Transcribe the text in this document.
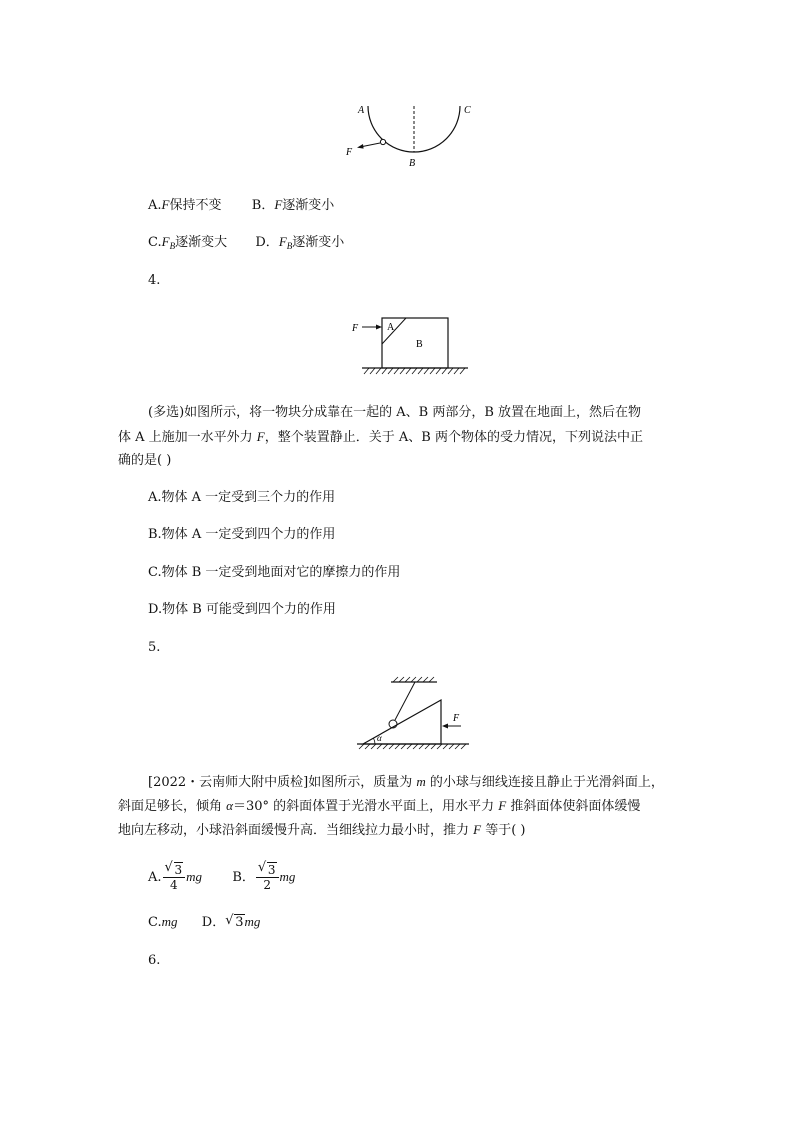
A	C
B
F
A.F保持不变 B．F逐渐变小
$C.F_B$逐渐变大 D．$F_B$逐渐变小
4.
F	A
B
(多选)如图所示，将一物块分成靠在一起的 A、B 两部分，B 放置在地面上，然后在物
体 A 上施加一水平外力 F，整个装置静止．关于 A、B 两个物体的受力情况，下列说法中正
确的是( )
A.物体 A 一定受到三个力的作用
B.物体 A 一定受到四个力的作用
C.物体 B 一定受到地面对它的摩擦力的作用
D.物体 B 可能受到四个力的作用
5.
F
α
[2022・云南师大附中质检]如图所示，质量为 m 的小球与细线连接且静止于光滑斜面上，
斜面足够长，倾角 α＝30° 的斜面体置于光滑水平面上，用水平力 F 推斜面体使斜面体缓慢
地向左移动，小球沿斜面缓慢升高．当细线拉力最小时，推力 F 等于( )
A. $\frac{√ 3}{4}$ mg B． $\frac{√ 3}{2}$ mg
C.mg D． √ 3mg
6.
